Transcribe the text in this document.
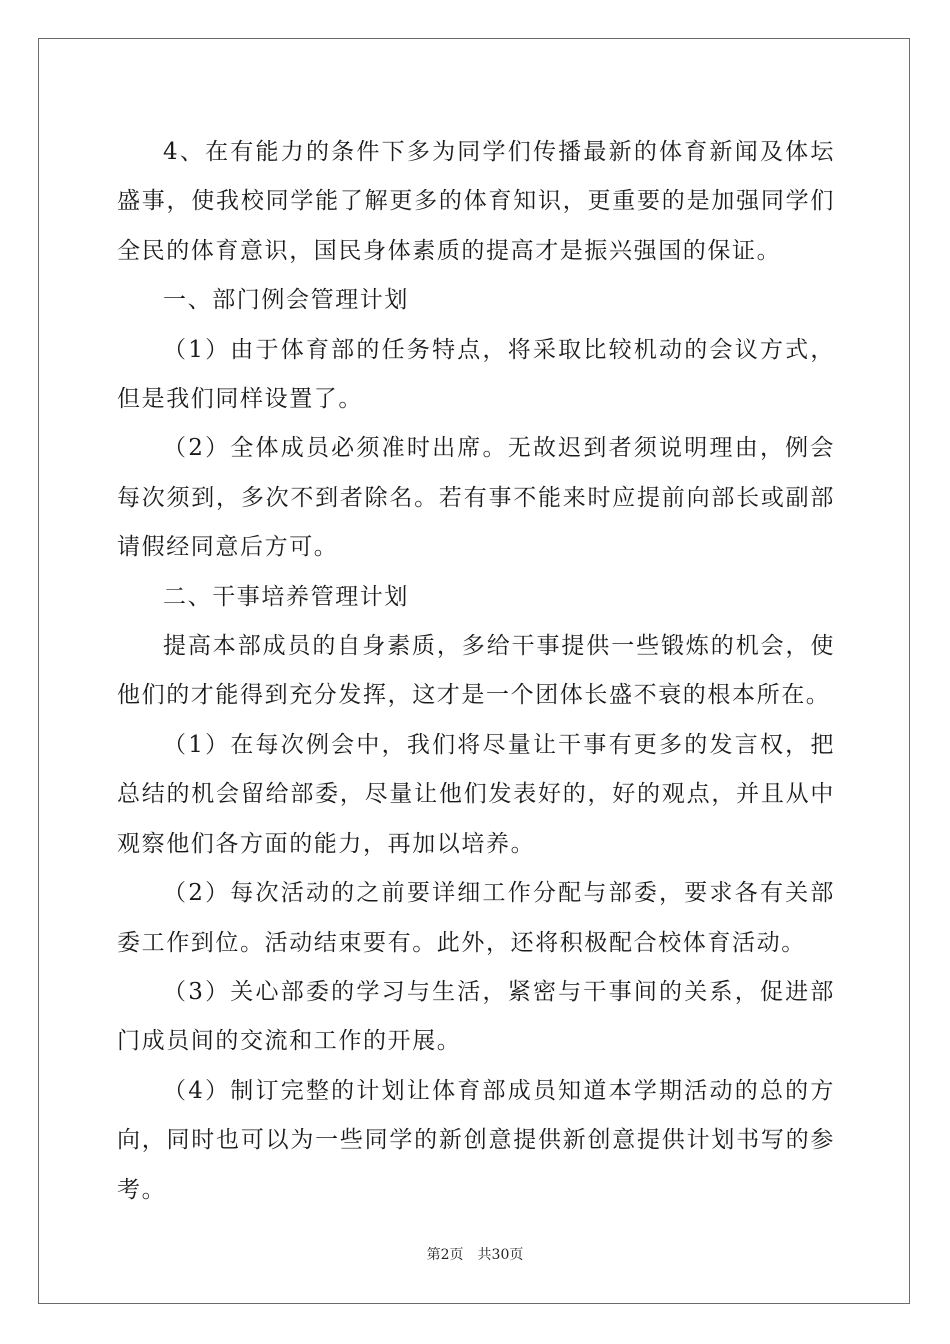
4、在有能力的条件下多为同学们传播最新的体育新闻及体坛盛事，使我校同学能了解更多的体育知识，更重要的是加强同学们全民的体育意识，国民身体素质的提高才是振兴强国的保证。

一、部门例会管理计划

（1）由于体育部的任务特点，将采取比较机动的会议方式，但是我们同样设置了。

（2）全体成员必须准时出席。无故迟到者须说明理由，例会每次须到，多次不到者除名。若有事不能来时应提前向部长或副部请假经同意后方可。

二、干事培养管理计划

提高本部成员的自身素质，多给干事提供一些锻炼的机会，使他们的才能得到充分发挥，这才是一个团体长盛不衰的根本所在。

（1）在每次例会中，我们将尽量让干事有更多的发言权，把总结的机会留给部委，尽量让他们发表好的，好的观点，并且从中观察他们各方面的能力，再加以培养。

（2）每次活动的之前要详细工作分配与部委，要求各有关部委工作到位。活动结束要有。此外，还将积极配合校体育活动。

（3）关心部委的学习与生活，紧密与干事间的关系，促进部门成员间的交流和工作的开展。

（4）制订完整的计划让体育部成员知道本学期活动的总的方向，同时也可以为一些同学的新创意提供新创意提供计划书写的参考。

第2页 共30页
